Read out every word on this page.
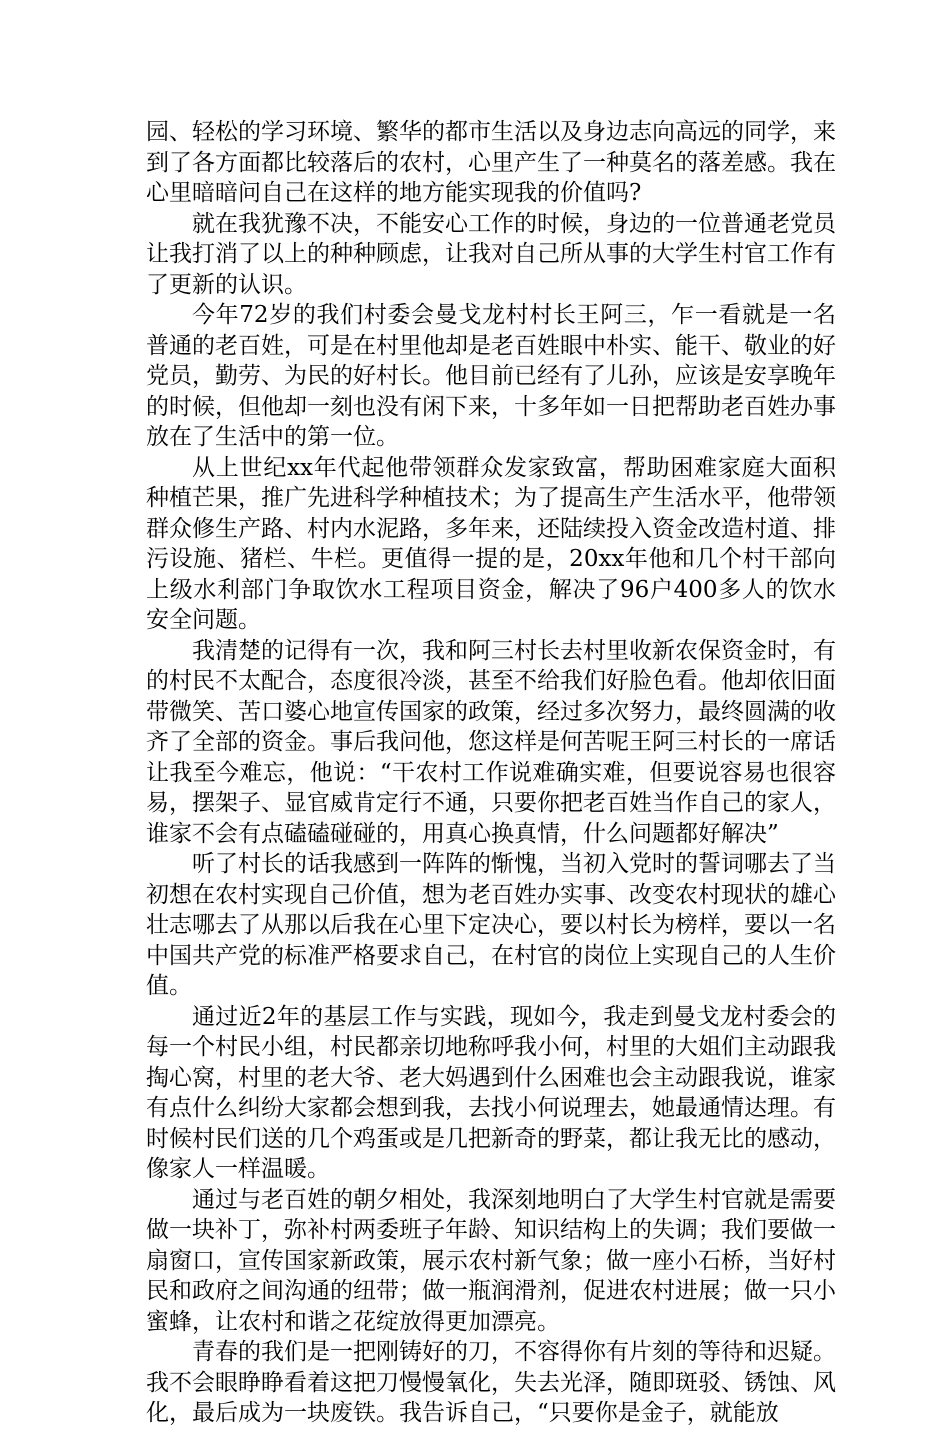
园、轻松的学习环境、繁华的都市生活以及身边志向高远的同学，来到了各方面都比较落后的农村，心里产生了一种莫名的落差感。我在心里暗暗问自己在这样的地方能实现我的价值吗?

就在我犹豫不决，不能安心工作的时候，身边的一位普通老党员让我打消了以上的种种顾虑，让我对自己所从事的大学生村官工作有了更新的认识。

今年72岁的我们村委会曼戈龙村村长王阿三，乍一看就是一名普通的老百姓，可是在村里他却是老百姓眼中朴实、能干、敬业的好党员，勤劳、为民的好村长。他目前已经有了儿孙，应该是安享晚年的时候，但他却一刻也没有闲下来，十多年如一日把帮助老百姓办事放在了生活中的第一位。

从上世纪xx年代起他带领群众发家致富，帮助困难家庭大面积种植芒果，推广先进科学种植技术；为了提高生产生活水平，他带领群众修生产路、村内水泥路，多年来，还陆续投入资金改造村道、排污设施、猪栏、牛栏。更值得一提的是，20xx年他和几个村干部向上级水利部门争取饮水工程项目资金，解决了96户400多人的饮水安全问题。

我清楚的记得有一次，我和阿三村长去村里收新农保资金时，有的村民不太配合，态度很冷淡，甚至不给我们好脸色看。他却依旧面带微笑、苦口婆心地宣传国家的政策，经过多次努力，最终圆满的收齐了全部的资金。事后我问他，您这样是何苦呢王阿三村长的一席话让我至今难忘，他说：“干农村工作说难确实难，但要说容易也很容易，摆架子、显官威肯定行不通，只要你把老百姓当作自己的家人，谁家不会有点磕磕碰碰的，用真心换真情，什么问题都好解决”

听了村长的话我感到一阵阵的惭愧，当初入党时的誓词哪去了当初想在农村实现自己价值，想为老百姓办实事、改变农村现状的雄心壮志哪去了从那以后我在心里下定决心，要以村长为榜样，要以一名中国共产党的标准严格要求自己，在村官的岗位上实现自己的人生价值。

通过近2年的基层工作与实践，现如今，我走到曼戈龙村委会的每一个村民小组，村民都亲切地称呼我小何，村里的大姐们主动跟我掏心窝，村里的老大爷、老大妈遇到什么困难也会主动跟我说，谁家有点什么纠纷大家都会想到我，去找小何说理去，她最通情达理。有时候村民们送的几个鸡蛋或是几把新奇的野菜，都让我无比的感动，像家人一样温暖。

通过与老百姓的朝夕相处，我深刻地明白了大学生村官就是需要做一块补丁，弥补村两委班子年龄、知识结构上的失调；我们要做一扇窗口，宣传国家新政策，展示农村新气象；做一座小石桥，当好村民和政府之间沟通的纽带；做一瓶润滑剂，促进农村进展；做一只小蜜蜂，让农村和谐之花绽放得更加漂亮。

青春的我们是一把刚铸好的刀，不容得你有片刻的等待和迟疑。我不会眼睁睁看着这把刀慢慢氧化，失去光泽，随即斑驳、锈蚀、风化，最后成为一块废铁。我告诉自己，“只要你是金子，就能放
